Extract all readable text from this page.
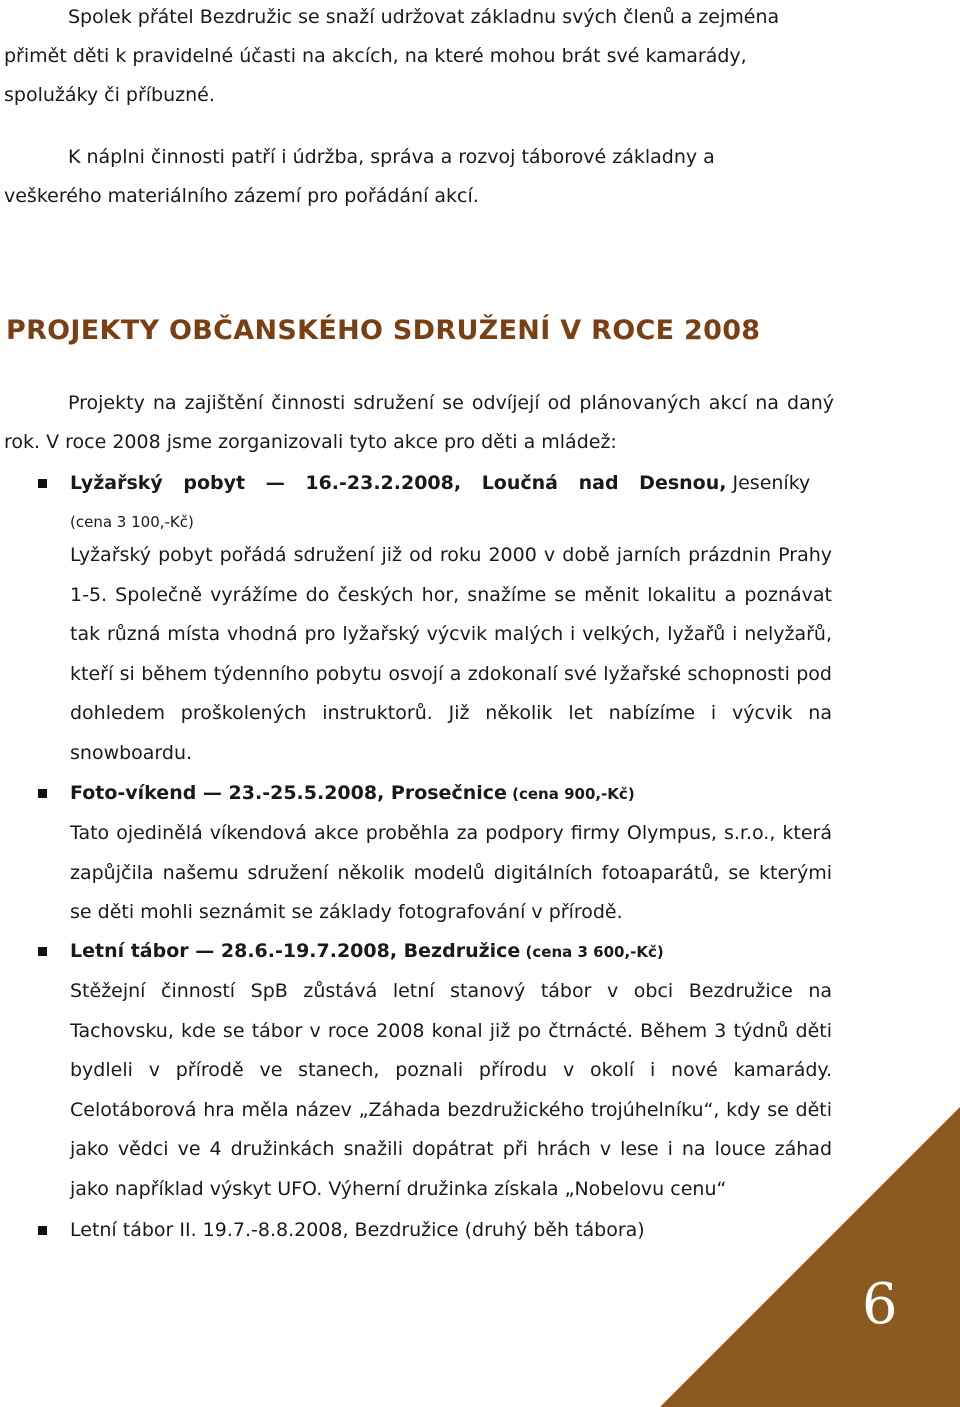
Spolek přátel Bezdružic se snaží udržovat základnu svých členů a zejména přimět děti k pravidelné účasti na akcích, na které mohou brát své kamarády, spolužáky či příbuzné.

K náplni činnosti patří i údržba, správa a rozvoj táborové základny a veškerého materiálního zázemí pro pořádání akcí.

PROJEKTY OBČANSKÉHO SDRUŽENÍ V ROCE 2008

Projekty na zajištění činnosti sdružení se odvíjejí od plánovaných akcí na daný rok. V roce 2008 jsme zorganizovali tyto akce pro děti a mládež:

Lyžařský pobyt — 16.-23.2.2008, Loučná nad Desnou, Jeseníky
(cena 3 100,-Kč)

Lyžařský pobyt pořádá sdružení již od roku 2000 v době jarních prázdnin Prahy 1-5. Společně vyrážíme do českých hor, snažíme se měnit lokalitu a poznávat tak různá místa vhodná pro lyžařský výcvik malých i velkých, lyžařů i nelyžařů, kteří si během týdenního pobytu osvojí a zdokonalí své lyžařské schopnosti pod dohledem proškolených instruktorů. Již několik let nabízíme i výcvik na snowboardu.

Foto-víkend — 23.-25.5.2008, Prosečnice (cena 900,-Kč)

Tato ojedinělá víkendová akce proběhla za podpory firmy Olympus, s.r.o., která zapůjčila našemu sdružení několik modelů digitálních fotoaparátů, se kterými se děti mohli seznámit se základy fotografování v přírodě.

Letní tábor — 28.6.-19.7.2008, Bezdružice (cena 3 600,-Kč)

Stěžejní činností SpB zůstává letní stanový tábor v obci Bezdružice na Tachovsku, kde se tábor v roce 2008 konal již po čtrnácté. Během 3 týdnů děti bydleli v přírodě ve stanech, poznali přírodu v okolí i nové kamarády. Celotáborová hra měla název „Záhada bezdružického trojúhelníku“, kdy se děti jako vědci ve 4 družinkách snažili dopátrat při hrách v lese i na louce záhad jako například výskyt UFO. Výherní družinka získala „Nobelovu cenu“

Letní tábor II. 19.7.-8.8.2008, Bezdružice (druhý běh tábora)
6
